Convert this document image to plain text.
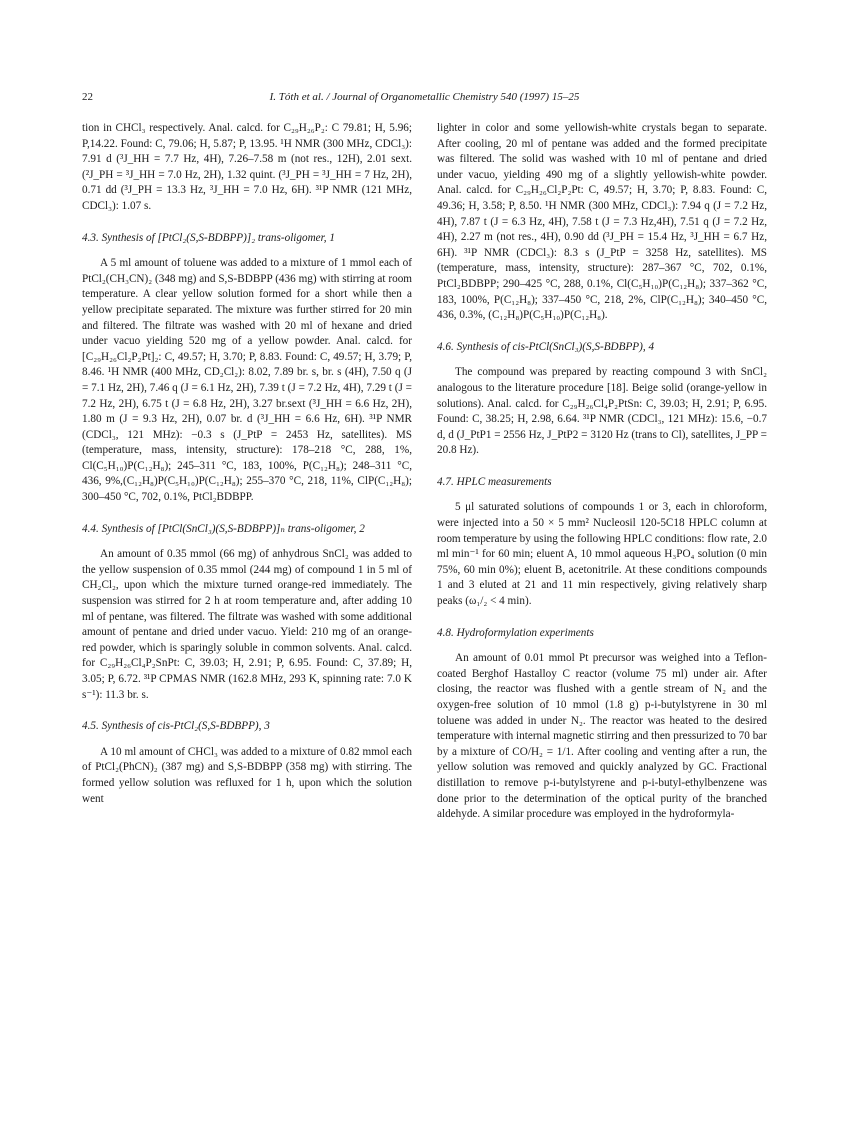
22	I. Tóth et al. / Journal of Organometallic Chemistry 540 (1997) 15–25

tion in CHCl₃ respectively. Anal. calcd. for C₂₉H₂₆P₂: C 79.81; H, 5.96; P,14.22. Found: C, 79.06; H, 5.87; P, 13.95. ¹H NMR (300 MHz, CDCl₃): 7.91 d (³J_HH = 7.7 Hz, 4H), 7.26–7.58 m (not res., 12H), 2.01 sext. (²J_PH = ³J_HH = 7.0 Hz, 2H), 1.32 quint. (³J_PH = ³J_HH = 7 Hz, 2H), 0.71 dd (³J_PH = 13.3 Hz, ³J_HH = 7.0 Hz, 6H). ³¹P NMR (121 MHz, CDCl₃): 1.07 s.

4.3. Synthesis of [PtCl₂(S,S-BDBPP)]₂ trans-oligomer, 1

A 5 ml amount of toluene was added to a mixture of 1 mmol each of PtCl₂(CH₃CN)₂ (348 mg) and S,S-BDBPP (436 mg) with stirring at room temperature. A clear yellow solution formed for a short while then a yellow precipitate separated. The mixture was further stirred for 20 min and filtered. The filtrate was washed with 20 ml of hexane and dried under vacuo yielding 520 mg of a yellow powder. Anal. calcd. for [C₂₉H₂₆Cl₂P₂Pt]₂: C, 49.57; H, 3.70; P, 8.83. Found: C, 49.57; H, 3.79; P, 8.46. ¹H NMR (400 MHz, CD₂Cl₂): 8.02, 7.89 br. s, br. s (4H), 7.50 q (J = 7.1 Hz, 2H), 7.46 q (J = 6.1 Hz, 2H), 7.39 t (J = 7.2 Hz, 4H), 7.29 t (J = 7.2 Hz, 2H), 6.75 t (J = 6.8 Hz, 2H), 3.27 br.sext (³J_HH = 6.6 Hz, 2H), 1.80 m (J = 9.3 Hz, 2H), 0.07 br. d (³J_HH = 6.6 Hz, 6H). ³¹P NMR (CDCl₃, 121 MHz): −0.3 s (J_PtP = 2453 Hz, satellites). MS (temperature, mass, intensity, structure): 178–218 °C, 288, 1%, Cl(C₅H₁₀)P(C₁₂H₈); 245–311 °C, 183, 100%, P(C₁₂H₈); 248–311 °C, 436, 9%,(C₁₂H₈)P(C₅H₁₀)P(C₁₂H₈); 255–370 °C, 218, 11%, ClP(C₁₂H₈); 300–450 °C, 702, 0.1%, PtCl₂BDBPP.

4.4. Synthesis of [PtCl(SnCl₃)(S,S-BDBPP)]ₙ trans-oligomer, 2

An amount of 0.35 mmol (66 mg) of anhydrous SnCl₂ was added to the yellow suspension of 0.35 mmol (244 mg) of compound 1 in 5 ml of CH₂Cl₂, upon which the mixture turned orange-red immediately. The suspension was stirred for 2 h at room temperature and, after adding 10 ml of pentane, was filtered. The filtrate was washed with some additional amount of pentane and dried under vacuo. Yield: 210 mg of an orange-red powder, which is sparingly soluble in common solvents. Anal. calcd. for C₂₉H₂₆Cl₄P₂SnPt: C, 39.03; H, 2.91; P, 6.95. Found: C, 37.89; H, 3.05; P, 6.72. ³¹P CPMAS NMR (162.8 MHz, 293 K, spinning rate: 7.0 K s⁻¹): 11.3 br. s.

4.5. Synthesis of cis-PtCl₂(S,S-BDBPP), 3

A 10 ml amount of CHCl₃ was added to a mixture of 0.82 mmol each of PtCl₂(PhCN)₂ (387 mg) and S,S-BDBPP (358 mg) with stirring. The formed yellow solution was refluxed for 1 h, upon which the solution went

lighter in color and some yellowish-white crystals began to separate. After cooling, 20 ml of pentane was added and the formed precipitate was filtered. The solid was washed with 10 ml of pentane and dried under vacuo, yielding 490 mg of a slightly yellowish-white powder. Anal. calcd. for C₂₉H₂₆Cl₂P₂Pt: C, 49.57; H, 3.70; P, 8.83. Found: C, 49.36; H, 3.58; P, 8.50. ¹H NMR (300 MHz, CDCl₃): 7.94 q (J = 7.2 Hz, 4H), 7.87 t (J = 6.3 Hz, 4H), 7.58 t (J = 7.3 Hz,4H), 7.51 q (J = 7.2 Hz, 4H), 2.27 m (not res., 4H), 0.90 dd (³J_PH = 15.4 Hz, ³J_HH = 6.7 Hz, 6H). ³¹P NMR (CDCl₃): 8.3 s (J_PtP = 3258 Hz, satellites). MS (temperature, mass, intensity, structure): 287–367 °C, 702, 0.1%, PtCl₂BDBPP; 290–425 °C, 288, 0.1%, Cl(C₅H₁₀)P(C₁₂H₈); 337–362 °C, 183, 100%, P(C₁₂H₈); 337–450 °C, 218, 2%, ClP(C₁₂H₈); 340–450 °C, 436, 0.3%, (C₁₂H₈)P(C₅H₁₀)P(C₁₂H₈).

4.6. Synthesis of cis-PtCl(SnCl₃)(S,S-BDBPP), 4

The compound was prepared by reacting compound 3 with SnCl₂ analogous to the literature procedure [18]. Beige solid (orange-yellow in solutions). Anal. calcd. for C₂₉H₂₆Cl₄P₂PtSn: C, 39.03; H, 2.91; P, 6.95. Found: C, 38.25; H, 2.98, 6.64. ³¹P NMR (CDCl₃, 121 MHz): 15.6, −0.7 d, d (J_PtP1 = 2556 Hz, J_PtP2 = 3120 Hz (trans to Cl), satellites, J_PP = 20.8 Hz).

4.7. HPLC measurements

5 μl saturated solutions of compounds 1 or 3, each in chloroform, were injected into a 50 × 5 mm² Nucleosil 120-5C18 HPLC column at room temperature by using the following HPLC conditions: flow rate, 2.0 ml min⁻¹ for 60 min; eluent A, 10 mmol aqueous H₃PO₄ solution (0 min 75%, 60 min 0%); eluent B, acetonitrile. At these conditions compounds 1 and 3 eluted at 21 and 11 min respectively, giving relatively sharp peaks (ω₁/₂ < 4 min).

4.8. Hydroformylation experiments

An amount of 0.01 mmol Pt precursor was weighed into a Teflon-coated Berghof Hastalloy C reactor (volume 75 ml) under air. After closing, the reactor was flushed with a gentle stream of N₂ and the oxygen-free solution of 10 mmol (1.8 g) p-i-butylstyrene in 30 ml toluene was added in under N₂. The reactor was heated to the desired temperature with internal magnetic stirring and then pressurized to 70 bar by a mixture of CO/H₂ = 1/1. After cooling and venting after a run, the yellow solution was removed and quickly analyzed by GC. Fractional distillation to remove p-i-butylstyrene and p-i-butyl-ethylbenzene was done prior to the determination of the optical purity of the branched aldehyde. A similar procedure was employed in the hydroformyla-
